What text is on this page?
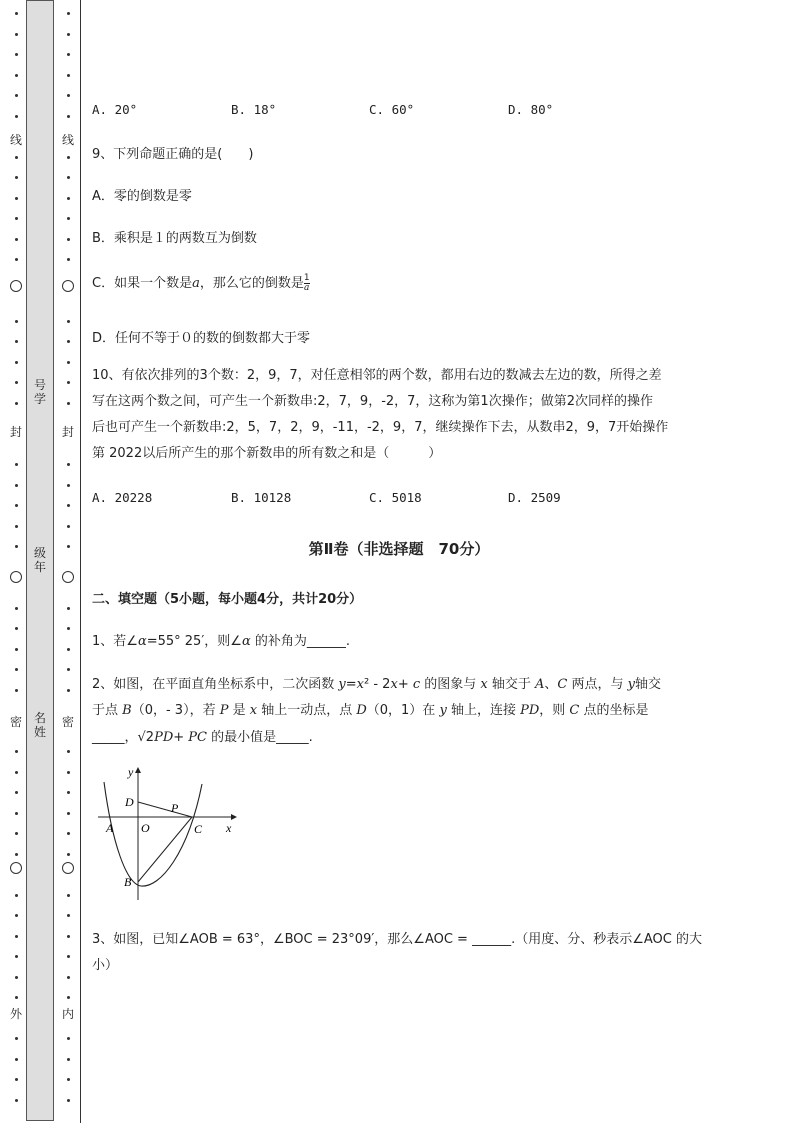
线
封
密
外
号
学
级
年
名
姓
线
封
密
内
A. 20°	B. 18°	C. 60°	D. 80°
9、下列命题正确的是(　　)
A．零的倒数是零
B．乘积是１的两数互为倒数
C．如果一个数是a，那么它的倒数是 $\frac{1}{a}$
D．任何不等于０的数的倒数都大于零
10、有依次排列的3个数：2，9，7，对任意相邻的两个数，都用右边的数减去左边的数，所得之差
写在这两个数之间，可产生一个新数串:2，7，9，-2，7，这称为第1次操作；做第2次同样的操作
后也可产生一个新数串:2，5，7，2，9，-11，-2，9，7，继续操作下去，从数串2，9，7开始操作
第 2022以后所产生的那个新数串的所有数之和是（　　　）
A. 20228	B. 10128	C. 5018	D. 2509
第Ⅱ卷（非选择题　70分）
二、填空题（5小题，每小题4分，共计20分）
1、若∠α=55° 25′，则∠α 的补角为______.
2、如图，在平面直角坐标系中，二次函数 y=x² - 2x+ c 的图象与 x 轴交于 A、C 两点，与 y轴交
于点 B（0，- 3），若 P 是 x 轴上一动点，点 D（0，1）在 y 轴上，连接 PD，则 C 点的坐标是
_____，√2PD+ PC 的最小值是_____.
3、如图，已知∠AOB = 63°，∠BOC = 23°09′，那么∠AOC = ______.（用度、分、秒表示∠AOC 的大
小）
y
x
D	P
A O	C
B
